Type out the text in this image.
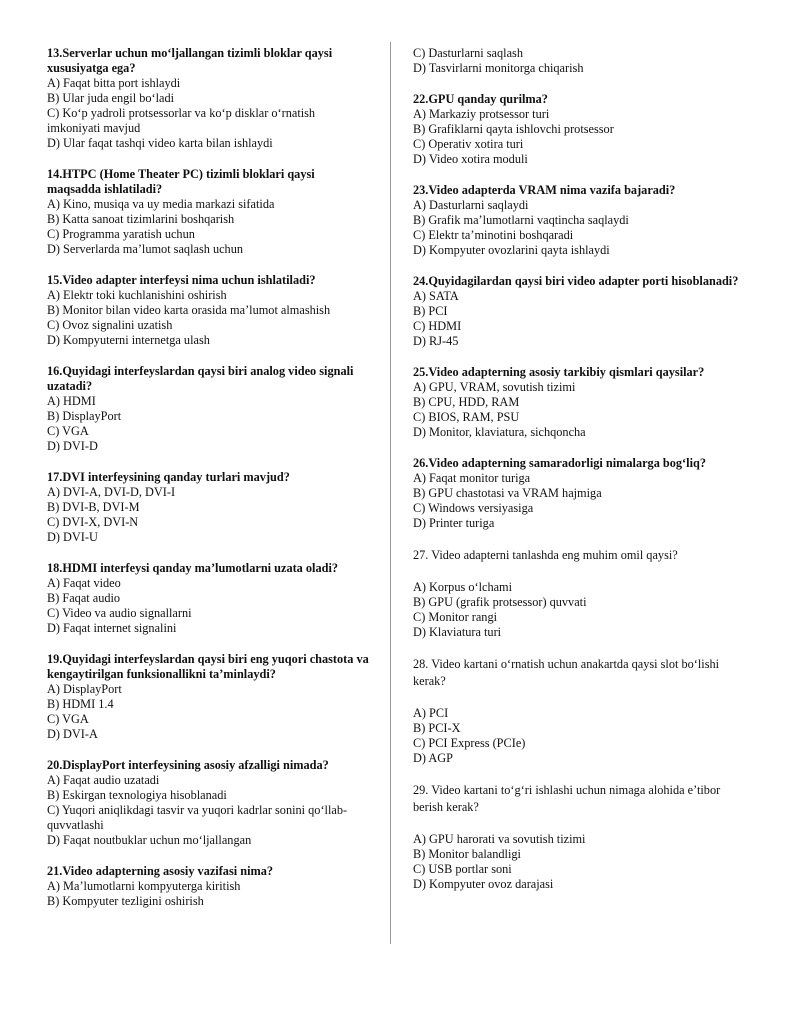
13.Serverlar uchun mo‘ljallangan tizimli bloklar qaysi xususiyatga ega?
A) Faqat bitta port ishlaydi
B) Ular juda engil bo‘ladi
C) Ko‘p yadroli protsessorlar va ko‘p disklar o‘rnatish imkoniyati mavjud
D) Ular faqat tashqi video karta bilan ishlaydi
14.HTPC (Home Theater PC) tizimli bloklari qaysi maqsadda ishlatiladi?
A) Kino, musiqa va uy media markazi sifatida
B) Katta sanoat tizimlarini boshqarish
C) Programma yaratish uchun
D) Serverlarda ma’lumot saqlash uchun
15.Video adapter interfeysi nima uchun ishlatiladi?
A) Elektr toki kuchlanishini oshirish
B) Monitor bilan video karta orasida ma’lumot almashish
C) Ovoz signalini uzatish
D) Kompyuterni internetga ulash
16.Quyidagi interfeyslardan qaysi biri analog video signali uzatadi?
A) HDMI
B) DisplayPort
C) VGA
D) DVI-D
17.DVI interfeysining qanday turlari mavjud?
A) DVI-A, DVI-D, DVI-I
B) DVI-B, DVI-M
C) DVI-X, DVI-N
D) DVI-U
18.HDMI interfeysi qanday ma’lumotlarni uzata oladi?
A) Faqat video
B) Faqat audio
C) Video va audio signallarni
D) Faqat internet signalini
19.Quyidagi interfeyslardan qaysi biri eng yuqori chastota va kengaytirilgan funksionallikni ta’minlaydi?
A) DisplayPort
B) HDMI 1.4
C) VGA
D) DVI-A
20.DisplayPort interfeysining asosiy afzalligi nimada?
A) Faqat audio uzatadi
B) Eskirgan texnologiya hisoblanadi
C) Yuqori aniqlikdagi tasvir va yuqori kadrlar sonini qo‘llab-quvvatlashi
D) Faqat noutbuklar uchun mo‘ljallangan
21.Video adapterning asosiy vazifasi nima?
A) Ma’lumotlarni kompyuterga kiritish
B) Kompyuter tezligini oshirish
C) Dasturlarni saqlash
D) Tasvirlarni monitorga chiqarish
22.GPU qanday qurilma?
A) Markaziy protsessor turi
B) Grafiklarni qayta ishlovchi protsessor
C) Operativ xotira turi
D) Video xotira moduli
23.Video adapterda VRAM nima vazifa bajaradi?
A) Dasturlarni saqlaydi
B) Grafik ma’lumotlarni vaqtincha saqlaydi
C) Elektr ta’minotini boshqaradi
D) Kompyuter ovozlarini qayta ishlaydi
24.Quyidagilardan qaysi biri video adapter porti hisoblanadi?
A) SATA
B) PCI
C) HDMI
D) RJ-45
25.Video adapterning asosiy tarkibiy qismlari qaysilar?
A) GPU, VRAM, sovutish tizimi
B) CPU, HDD, RAM
C) BIOS, RAM, PSU
D) Monitor, klaviatura, sichqoncha
26.Video adapterning samaradorligi nimalarga bog‘liq?
A) Faqat monitor turiga
B) GPU chastotasi va VRAM hajmiga
C) Windows versiyasiga
D) Printer turiga
27. Video adapterni tanlashda eng muhim omil qaysi?
A) Korpus o‘lchami
B) GPU (grafik protsessor) quvvati
C) Monitor rangi
D) Klaviatura turi
28. Video kartani o‘rnatish uchun anakartda qaysi slot bo‘lishi kerak?
A) PCI
B) PCI-X
C) PCI Express (PCIe)
D) AGP
29. Video kartani to‘g‘ri ishlashi uchun nimaga alohida e’tibor berish kerak?
A) GPU harorati va sovutish tizimi
B) Monitor balandligi
C) USB portlar soni
D) Kompyuter ovoz darajasi
